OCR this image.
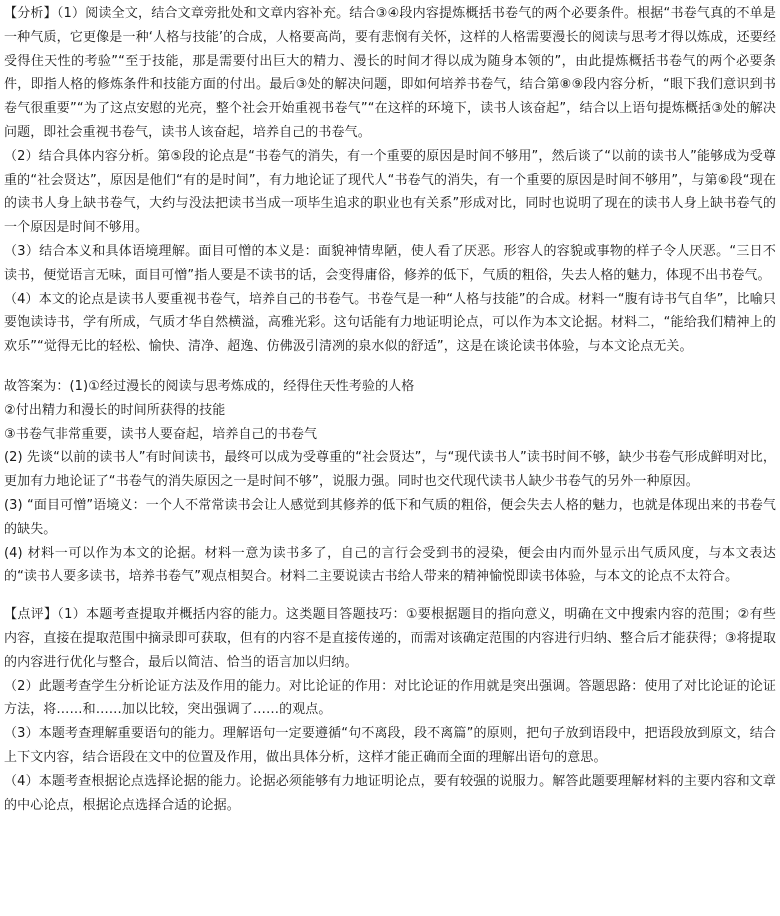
【分析】（1）阅读全文，结合文章旁批处和文章内容补充。结合③④段内容提炼概括书卷气的两个必要条件。根据“书卷气真的不单是一种气质，它更像是一种‘人格与技能’的合成，人格要高尚，要有悲悯有关怀，这样的人格需要漫长的阅读与思考才得以炼成，还要经受得住天性的考验”“至于技能，那是需要付出巨大的精力、漫长的时间才得以成为随身本领的”，由此提炼概括书卷气的两个必要条件，即指人格的修炼条件和技能方面的付出。最后③处的解决问题，即如何培养书卷气，结合第⑧⑨段内容分析，“眼下我们意识到书卷气很重要”“为了这点安慰的光亮，整个社会开始重视书卷气”“在这样的环境下，读书人该奋起”，结合以上语句提炼概括③处的解决问题，即社会重视书卷气，读书人该奋起，培养自己的书卷气。

（2）结合具体内容分析。第⑤段的论点是“书卷气的消失，有一个重要的原因是时间不够用”，然后谈了“以前的读书人”能够成为受尊重的“社会贤达”，原因是他们“有的是时间”，有力地论证了现代人“书卷气的消失，有一个重要的原因是时间不够用”，与第⑥段“现在的读书人身上缺书卷气，大约与没法把读书当成一项毕生追求的职业也有关系”形成对比，同时也说明了现在的读书人身上缺书卷气的一个原因是时间不够用。

（3）结合本义和具体语境理解。面目可憎的本义是：面貌神情卑陋，使人看了厌恶。形容人的容貌或事物的样子令人厌恶。“三日不读书，便觉语言无味，面目可憎”指人要是不读书的话，会变得庸俗，修养的低下，气质的粗俗，失去人格的魅力，体现不出书卷气。

（4）本文的论点是读书人要重视书卷气，培养自己的书卷气。书卷气是一种“人格与技能”的合成。材料一“腹有诗书气自华”，比喻只要饱读诗书，学有所成，气质才华自然横溢，高雅光彩。这句话能有力地证明论点，可以作为本文论据。材料二，“能给我们精神上的欢乐”“觉得无比的轻松、愉快、清净、超逸、仿佛汲引清冽的泉水似的舒适”，这是在谈论读书体验，与本文论点无关。

故答案为：(1)①经过漫长的阅读与思考炼成的，经得住天性考验的人格

②付出精力和漫长的时间所获得的技能

③书卷气非常重要，读书人要奋起，培养自己的书卷气

(2) 先谈“以前的读书人”有时间读书，最终可以成为受尊重的“社会贤达”，与“现代读书人”读书时间不够，缺少书卷气形成鲜明对比，更加有力地论证了“书卷气的消失原因之一是时间不够”，说服力强。同时也交代现代读书人缺少书卷气的另外一种原因。

(3) “面目可憎”语境义：一个人不常常读书会让人感觉到其修养的低下和气质的粗俗，便会失去人格的魅力，也就是体现出来的书卷气的缺失。

(4) 材料一可以作为本文的论据。材料一意为读书多了，自己的言行会受到书的浸染，便会由内而外显示出气质风度，与本文表达的“读书人要多读书，培养书卷气”观点相契合。材料二主要说读古书给人带来的精神愉悦即读书体验，与本文的论点不太符合。

【点评】（1）本题考查提取并概括内容的能力。这类题目答题技巧：①要根据题目的指向意义，明确在文中搜索内容的范围；②有些内容，直接在提取范围中摘录即可获取，但有的内容不是直接传递的，而需对该确定范围的内容进行归纳、整合后才能获得；③将提取的内容进行优化与整合，最后以简洁、恰当的语言加以归纳。

（2）此题考查学生分析论证方法及作用的能力。对比论证的作用：对比论证的作用就是突出强调。答题思路：使用了对比论证的论证方法，将……和……加以比较，突出强调了……的观点。

（3）本题考查理解重要语句的能力。理解语句一定要遵循“句不离段，段不离篇”的原则，把句子放到语段中，把语段放到原文，结合上下文内容，结合语段在文中的位置及作用，做出具体分析，这样才能正确而全面的理解出语句的意思。

（4）本题考查根据论点选择论据的能力。论据必须能够有力地证明论点，要有较强的说服力。解答此题要理解材料的主要内容和文章的中心论点，根据论点选择合适的论据。
